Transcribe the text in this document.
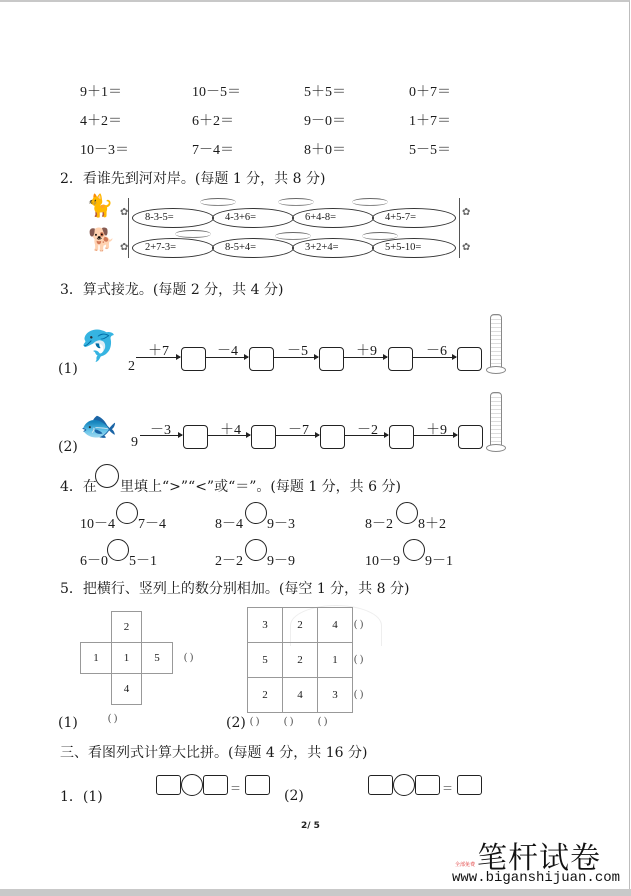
9＋1＝	10－5＝	5＋5＝	0＋7＝
4＋2＝	6＋2＝	9－0＝	1＋7＝
10－3＝	7－4＝	8＋0＝	5－5＝
2．看谁先到河对岸。(每题 1 分，共 8 分)
🐈
🐕
✿
✿
✿
✿
8-3-5=	4-3+6=	6+4-8=	4+5-7=
2+7-3=	8-5+4=	3+2+4=	5+5-10=
3．算式接龙。(每题 2 分，共 4 分)
(1)
🐬
2
＋7	－4	－5	＋9	－6
(2)
🐟 9
－3	＋4	－7	－2	＋9
4．在 里填上“>”“<”或“＝”。(每题 1 分，共 6 分)
10－4 7－4	8－4 9－3	8－2 8＋2
6－0 5－1	2－2 9－9	10－9 9－1
5．把横行、竖列上的数分别相加。(每空 1 分，共 8 分)
2
1	1	5
4
( )
( )
(1)
3	2	4
5	2	1
2	4	3
( )
( )
( )
( ) ( ) ( )
(2)
三、看图列式计算大比拼。(每题 4 分，共 16 分)
1．(1)
＝	(2)	＝
2/ 5
全部免费 笔杆试卷
www.biganshijuan.com
